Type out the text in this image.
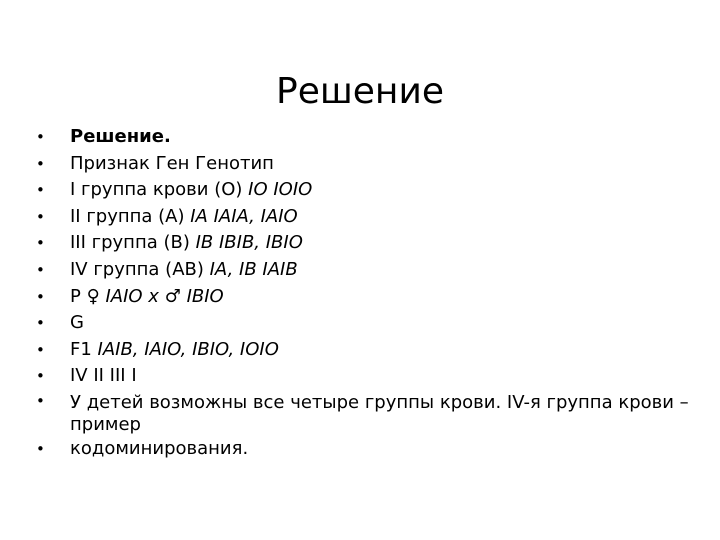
Решение
•	Решение.
•	Признак Ген Генотип
•	I группа крови (О) IO IOIO
•	II группа (А) IA IAIA, IAIO
•	III группа (В) IB IBIB, IBIO
•	IV группа (АВ) IA, IB IAIB
•	Р ♀ IAIO х ♂ IBIO
•	G
•	F1 IAIB, IAIO, IBIO, IOIO
•	IV II III I
•	У детей возможны все четыре группы крови. IV-я группа крови – пример
•	кодоминирования.
